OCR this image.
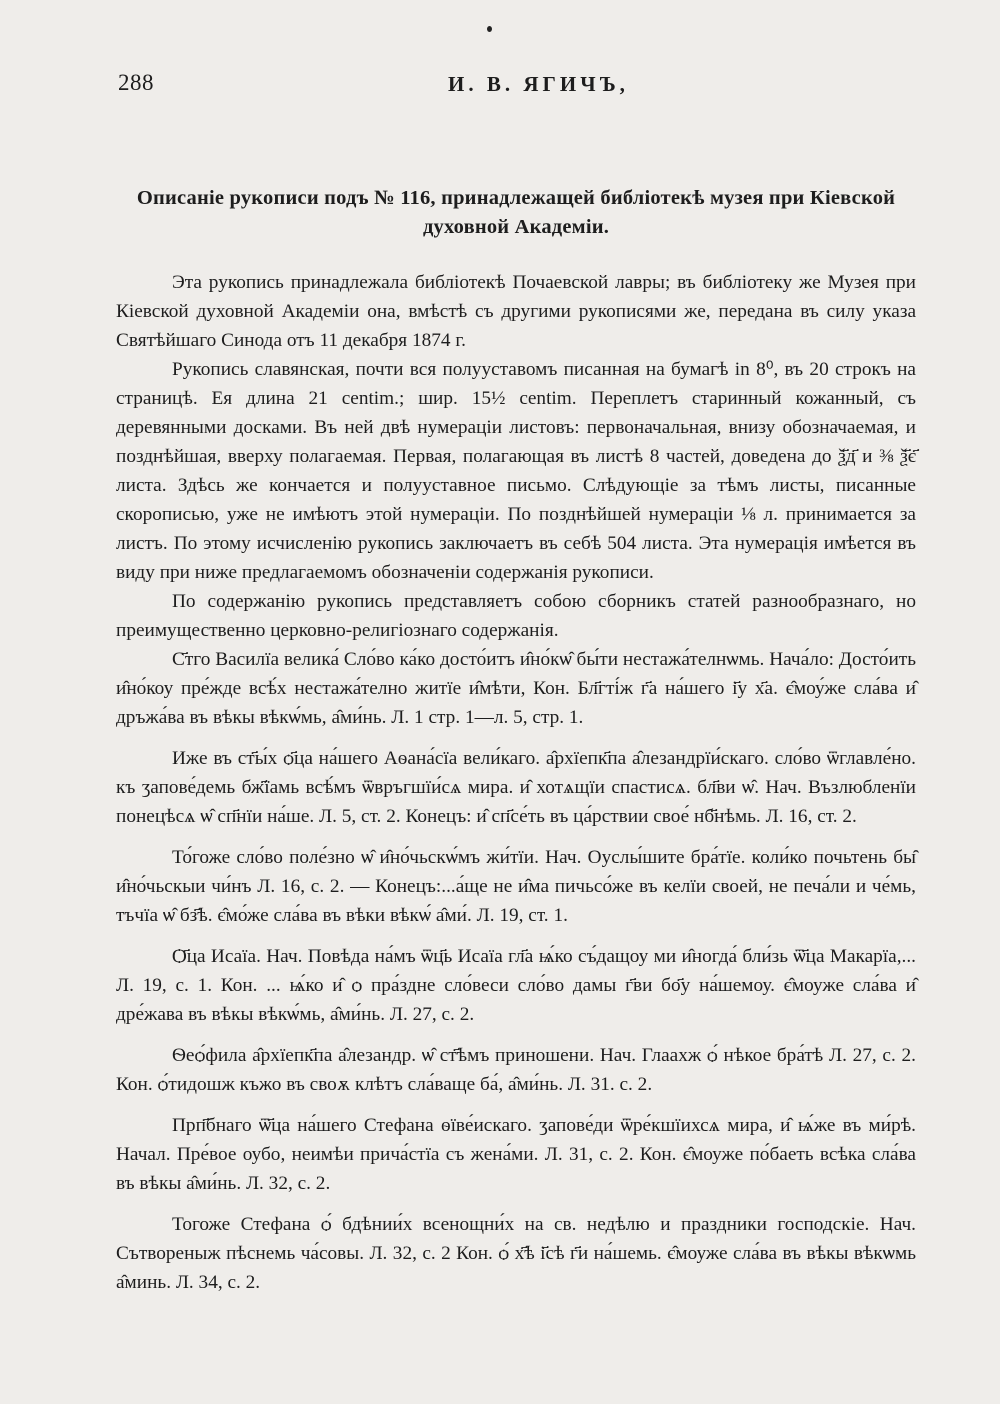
288	И. В. ЯГИЧЪ,
Описаніе рукописи подъ № 116, принадлежащей библіотекѣ музея при Кіевской духовной Академіи.

Эта рукопись принадлежала библіотекѣ Почаевской лавры; въ библіотеку же Музея при Кіевской духовной Академіи она, вмѣстѣ съ другими рукописями же, передана въ силу указа Святѣйшаго Синода отъ 11 декабря 1874 г.

Рукопись славянская, почти вся полууставомъ писанная на бумагѣ in 8⁰, въ 20 строкъ на страницѣ. Ея длина 21 centim.; шир. 15½ centim. Переплетъ старинный кожанный, съ деревянными досками. Въ ней двѣ нумераціи листовъ: первоначальная, внизу обозначаемая, и позднѣйшая, вверху полагаемая. Первая, полагающая въ листѣ 8 частей, доведена до ѯ҃д҃ и ⅜ ѯ҃є҃ листа. Здѣсь же кончается и полууставное письмо. Слѣдующіе за тѣмъ листы, писанные скорописью, уже не имѣютъ этой нумераціи. По позднѣйшей нумераціи ⅛ л. принимается за листъ. По этому исчисленію рукопись заключаетъ въ себѣ 504 листа. Эта нумерація имѣется въ виду при ниже предлагаемомъ обозначеніи содержанія рукописи.

По содержанію рукопись представляетъ собою сборникъ статей разнообразнаго, но преимущественно церковно-религіознаго содержанія.

С҃тго Василїа велика́ Сло́во ка́ко досто́итъ и̂но́кѡ̂ бы́ти нестажа́телнѡмь. Нача́ло: Досто́ить и̂но́коу пре́жде всѣ́х нестажа́телно житїе и̂мѣти, Кон. Бл҃гті́ж г҃а на́шего і҃у х҃а. є̂моу́же сла́ва и̂ дръжа́ва въ вѣкы вѣкѡ́мь, а̂ми́нь. Л. 1 стр. 1—л. 5, стр. 1.

Иже въ ст҃ы́х ѻ҃ца на́шего Аѳана́сїа вели́каго. а̂рхїепк҃па а̂лезандрїи́скаго. сло́во ѿглавле́но. къ ӡапове́демь бж҃їамь всѣ́мъ ѿвръгшїи́сѧ мира. и̂ хотѧщїи спастисѧ. бл҃ви ѡ̂. Нач. Възлюбленїи понецѣсѧ ѡ̂ сп҃нїи на́ше. Л. 5, ст. 2. Конецъ: и̂ сп҃се́ть въ ца́рствии свое́ нб҃нѣмь. Л. 16, ст. 2.

То́гоже сло́во поле́зно ѡ̂ и̂но́чьскѡ́мъ жи́тїи. Нач. Оуслы́шите бра́тїе. коли́ко почьтень бы̑ и̂но́чьскыи чи́нъ Л. 16, с. 2. — Конецъ:...а́ще не и̂ма пичьсо́же въ келїи своей, не печа́ли и че́мь, тъчїа ѡ̂ бз҃ѣ. є̂мо́же сла́ва въ вѣки вѣкѡ́ а̂ми́. Л. 19, ст. 1.

Ѻ҃ца Исаїа. Нач. Повѣда на́мъ ѿц҃ь Исаїа гл҃а ѩ́ко съ́дащоу ми и̂ногда́ бли́зь ѿ҃ца Макарїа,... Л. 19, с. 1. Кон. ... ѩ́ко и̂ ѻ пра́здне сло́веси сло́во дамы г҃ви бо҃у на́шемоу. є̂моуже сла́ва и̂ дре́жава въ вѣкы вѣкѡ́мь, а̂ми́нь. Л. 27, с. 2.

Ѳеѻ́фила а̂рхїепк҃па а̂лезандр. ѡ̂ ст҃ѣмъ приношени. Нач. Глаахж ѻ́ нѣкое бра́тѣ Л. 27, с. 2. Кон. ѻ́тидошж къжо въ своѫ клѣтъ сла́ваще ба́, а̂ми́нь. Л. 31. с. 2.

Прп҃бнаго ѿ҃ца на́шего Стефана ѳїве́искаго. ӡапове́ди ѿре́кшїихсѧ мира, и̂ ѩ́же въ ми́рѣ. Начал. Пре́вое оубо, неимѣи прича́стїа съ жена́ми. Л. 31, с. 2. Кон. є̂моуже по́баеть всѣка сла́ва въ вѣкы а̂ми́нь. Л. 32, с. 2.

Тогоже Стефана ѻ́ бдѣнии́х всенощни́х на св. недѣлю и праздники господскіе. Нач. Сътвореныж пѣснемь ча́совы. Л. 32, с. 2 Кон. ѻ́ х҃ѣ і҃сѣ г҃и на́шемь. є̂моуже сла́ва въ вѣкы вѣкѡмь а̂минь. Л. 34, с. 2.
